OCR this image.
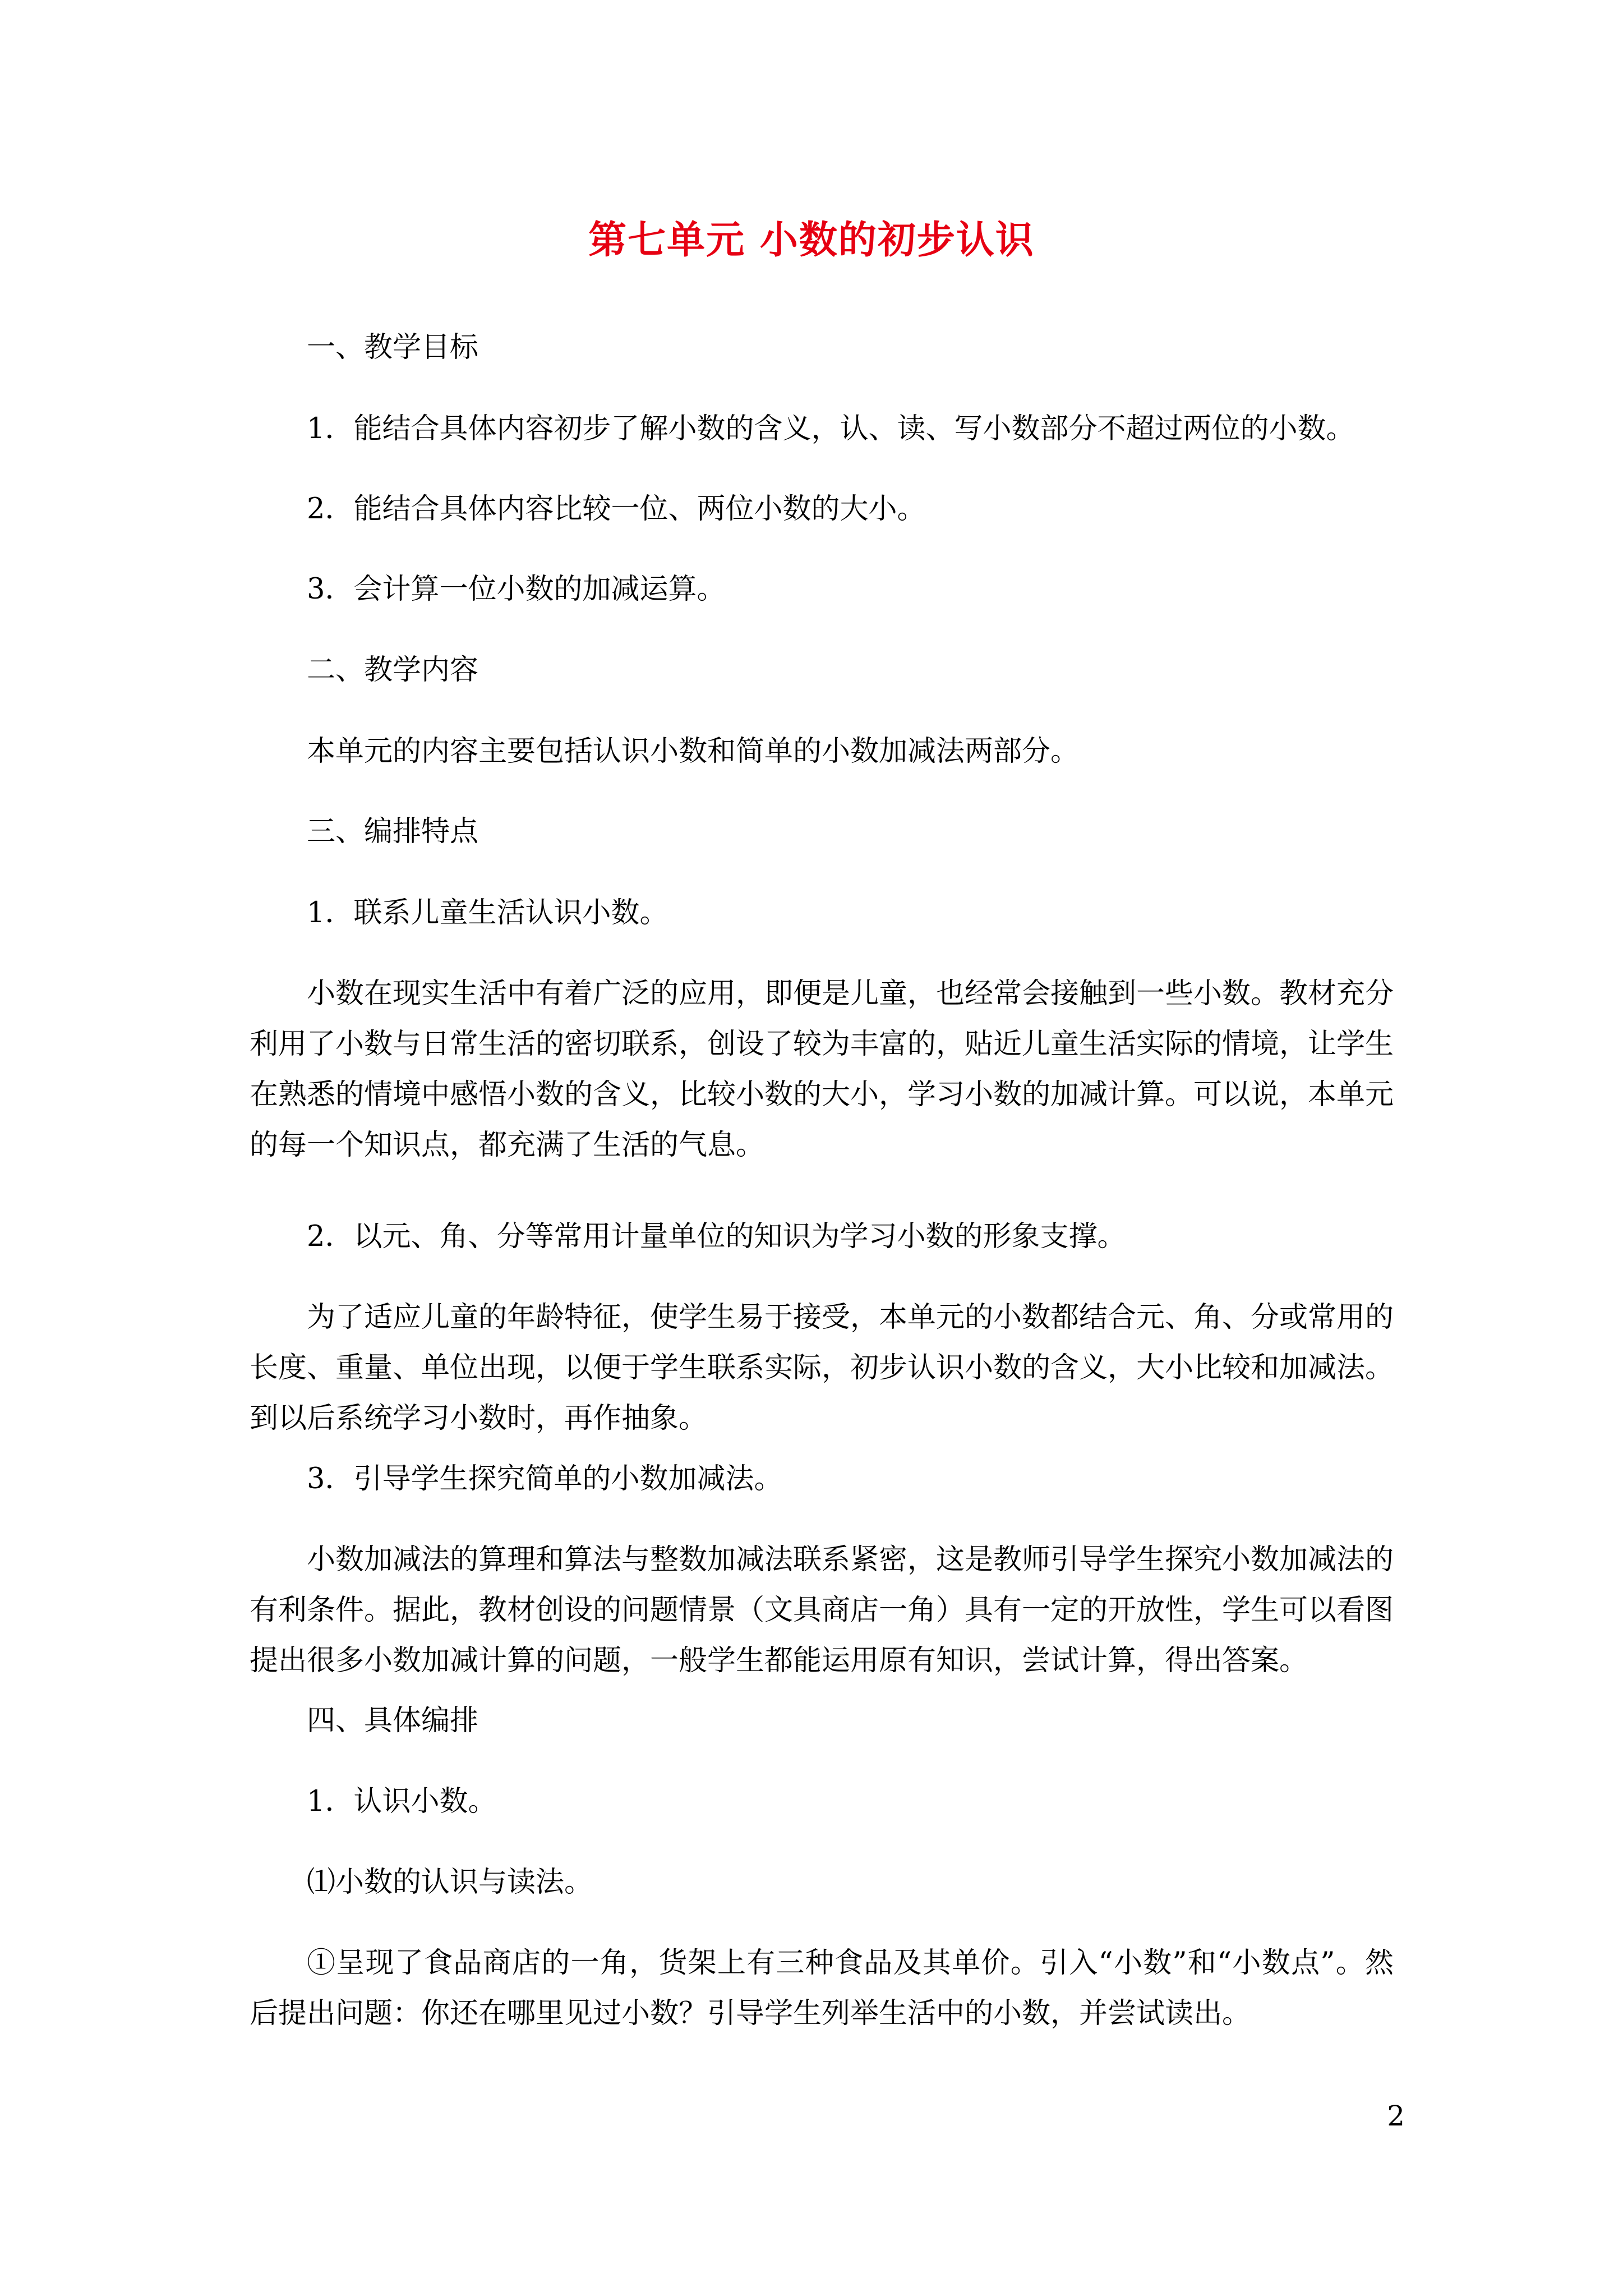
第七单元 小数的初步认识

一、教学目标

1．能结合具体内容初步了解小数的含义，认、读、写小数部分不超过两位的小数。

2．能结合具体内容比较一位、两位小数的大小。

3．会计算一位小数的加减运算。

二、教学内容

本单元的内容主要包括认识小数和简单的小数加减法两部分。

三、编排特点

1．联系儿童生活认识小数。

小数在现实生活中有着广泛的应用，即便是儿童，也经常会接触到一些小数。教材充分利用了小数与日常生活的密切联系，创设了较为丰富的，贴近儿童生活实际的情境，让学生在熟悉的情境中感悟小数的含义，比较小数的大小，学习小数的加减计算。可以说，本单元的每一个知识点，都充满了生活的气息。

2．以元、角、分等常用计量单位的知识为学习小数的形象支撑。

为了适应儿童的年龄特征，使学生易于接受，本单元的小数都结合元、角、分或常用的长度、重量、单位出现，以便于学生联系实际，初步认识小数的含义，大小比较和加减法。到以后系统学习小数时，再作抽象。

3．引导学生探究简单的小数加减法。

小数加减法的算理和算法与整数加减法联系紧密，这是教师引导学生探究小数加减法的有利条件。据此，教材创设的问题情景（文具商店一角）具有一定的开放性，学生可以看图提出很多小数加减计算的问题，一般学生都能运用原有知识，尝试计算，得出答案。

四、具体编排

1．认识小数。

⑴小数的认识与读法。

①呈现了食品商店的一角，货架上有三种食品及其单价。引入“小数”和“小数点”。然后提出问题：你还在哪里见过小数？引导学生列举生活中的小数，并尝试读出。

2
